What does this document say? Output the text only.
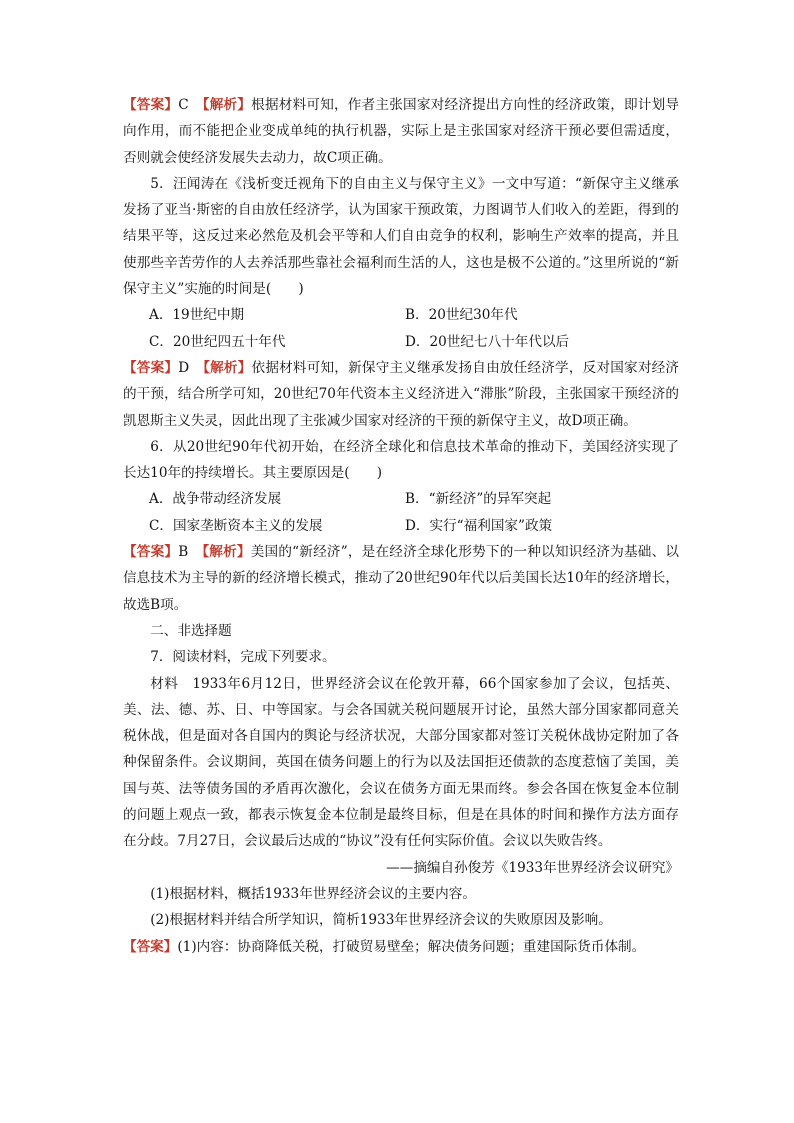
【答案】C　 【解析】根据材料可知，作者主张国家对经济提出方向性的经济政策，即计划导向作用，而不能把企业变成单纯的执行机器，实际上是主张国家对经济干预必要但需适度，否则就会使经济发展失去动力，故C项正确。

5．汪闻涛在《浅析变迁视角下的自由主义与保守主义》一文中写道：“新保守主义继承发扬了亚当·斯密的自由放任经济学，认为国家干预政策，力图调节人们收入的差距，得到的结果平等，这反过来必然危及机会平等和人们自由竞争的权利，影响生产效率的提高，并且使那些辛苦劳作的人去养活那些靠社会福利而生活的人，这也是极不公道的。”这里所说的“新保守主义”实施的时间是(　　)

A．19世纪中期	B．20世纪30年代
C．20世纪四五十年代	D．20世纪七八十年代以后

【答案】D　 【解析】依据材料可知，新保守主义继承发扬自由放任经济学，反对国家对经济的干预，结合所学可知，20世纪70年代资本主义经济进入“滞胀”阶段，主张国家干预经济的凯恩斯主义失灵，因此出现了主张减少国家对经济的干预的新保守主义，故D项正确。

6．从20世纪90年代初开始，在经济全球化和信息技术革命的推动下，美国经济实现了长达10年的持续增长。其主要原因是(　　)

A．战争带动经济发展	B．“新经济”的异军突起
C．国家垄断资本主义的发展	D．实行“福利国家”政策

【答案】B　 【解析】美国的“新经济”，是在经济全球化形势下的一种以知识经济为基础、以信息技术为主导的新的经济增长模式，推动了20世纪90年代以后美国长达10年的经济增长，故选B项。

二、非选择题

7．阅读材料，完成下列要求。

材料　1933年6月12日，世界经济会议在伦敦开幕，66个国家参加了会议，包括英、美、法、德、苏、日、中等国家。与会各国就关税问题展开讨论，虽然大部分国家都同意关税休战，但是面对各自国内的舆论与经济状况，大部分国家都对签订关税休战协定附加了各种保留条件。会议期间，英国在债务问题上的行为以及法国拒还债款的态度惹恼了美国，美国与英、法等债务国的矛盾再次激化，会议在债务方面无果而终。参会各国在恢复金本位制的问题上观点一致，都表示恢复金本位制是最终目标，但是在具体的时间和操作方法方面存在分歧。7月27日，会议最后达成的“协议”没有任何实际价值。会议以失败告终。

——摘编自孙俊芳《1933年世界经济会议研究》

(1)根据材料，概括1933年世界经济会议的主要内容。

(2)根据材料并结合所学知识，简析1933年世界经济会议的失败原因及影响。

【答案】(1)内容：协商降低关税，打破贸易壁垒；解决债务问题；重建国际货币体制。
